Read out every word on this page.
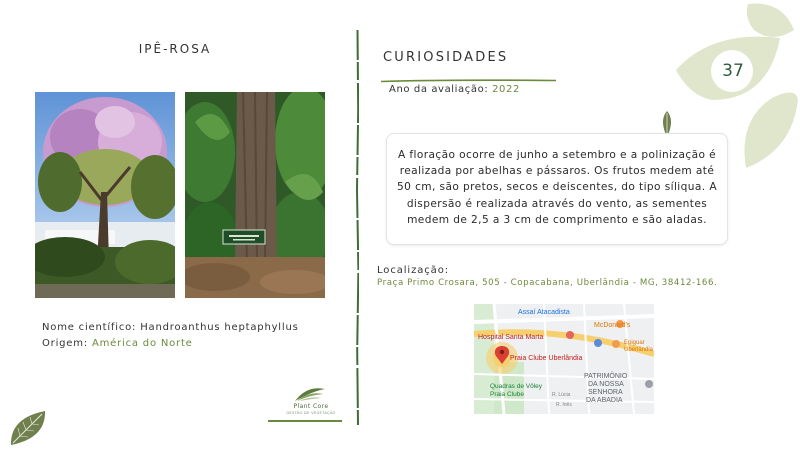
IPÊ-ROSA
Nome científico: Handroanthus heptaphyllus
Origem: América do Norte
Plant Core
GESTÃO DE VEGETAÇÃO
CURIOSIDADES
Ano da avaliação: 2022
A floração ocorre de junho a setembro e a polinização é realizada por abelhas e pássaros. Os frutos medem até 50 cm, são pretos, secos e deiscentes, do tipo síliqua. A dispersão é realizada através do vento, as sementes medem de 2,5 a 3 cm de comprimento e são aladas.
Localização:
Praça Primo Crosara, 505 - Copacabana, Uberlândia - MG, 38412-166.
Assaí Atacadista
McDonald's
Hospital Santa Marta
Epiguar
Uberlândia
Praia Clube Uberlândia
PATRIMÔNIO
DA NOSSA
SENHORA
DA ABADIA
Quadras de Vôley
Praia Clube	R. Lúcia
R. Inês
37
